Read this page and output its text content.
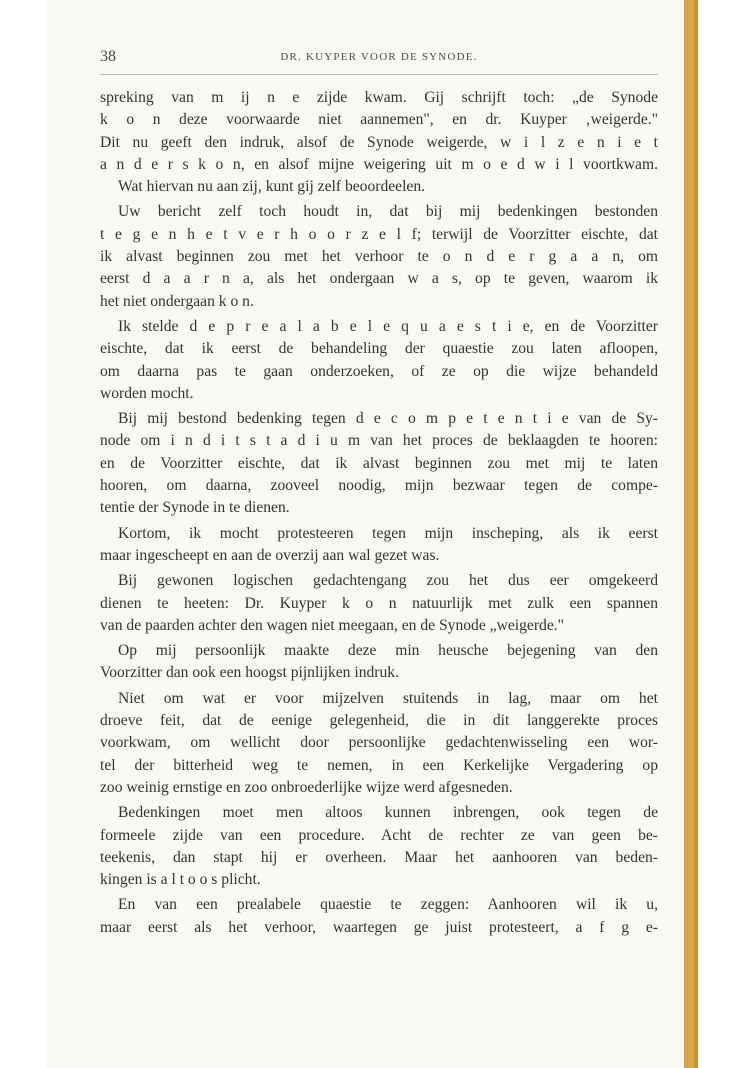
38	DR. KUYPER VOOR DE SYNODE.
spreking van m ij n e zijde kwam. Gij schrijft toch: „de Synode
k o n deze voorwaarde niet aannemen", en dr. Kuyper ‚weigerde."
Dit nu geeft den indruk, alsof de Synode weigerde, w i l z e n i e t
a n d e r s k o n, en alsof mijne weigering uit m o e d w i l voortkwam.
Wat hiervan nu aan zij, kunt gij zelf beoordeelen.
Uw bericht zelf toch houdt in, dat bij mij bedenkingen bestonden
t e g e n h e t v e r h o o r z e l f; terwijl de Voorzitter eischte, dat
ik alvast beginnen zou met het verhoor te o n d e r g a a n, om
eerst d a a r n a, als het ondergaan w a s, op te geven, waarom ik
het niet ondergaan k o n.
Ik stelde d e p r e a l a b e l e q u a e s t i e, en de Voorzitter
eischte, dat ik eerst de behandeling der quaestie zou laten afloopen,
om daarna pas te gaan onderzoeken, of ze op die wijze behandeld
worden mocht.
Bij mij bestond bedenking tegen d e c o m p e t e n t i e van de Sy-
node om i n d i t s t a d i u m van het proces de beklaagden te hooren:
en de Voorzitter eischte, dat ik alvast beginnen zou met mij te laten
hooren, om daarna, zooveel noodig, mijn bezwaar tegen de compe-
tentie der Synode in te dienen.
Kortom, ik mocht protesteeren tegen mijn inscheping, als ik eerst
maar ingescheept en aan de overzij aan wal gezet was.
Bij gewonen logischen gedachtengang zou het dus eer omgekeerd
dienen te heeten: Dr. Kuyper k o n natuurlijk met zulk een spannen
van de paarden achter den wagen niet meegaan, en de Synode „weigerde."
Op mij persoonlijk maakte deze min heusche bejegening van den
Voorzitter dan ook een hoogst pijnlijken indruk.
Niet om wat er voor mijzelven stuitends in lag, maar om het
droeve feit, dat de eenige gelegenheid, die in dit langgerekte proces
voorkwam, om wellicht door persoonlijke gedachtenwisseling een wor-
tel der bitterheid weg te nemen, in een Kerkelijke Vergadering op
zoo weinig ernstige en zoo onbroederlijke wijze werd afgesneden.
Bedenkingen moet men altoos kunnen inbrengen, ook tegen de
formeele zijde van een procedure. Acht de rechter ze van geen be-
teekenis, dan stapt hij er overheen. Maar het aanhooren van beden-
kingen is a l t o o s plicht.
En van een prealabele quaestie te zeggen: Aanhooren wil ik u,
maar eerst als het verhoor, waartegen ge juist protesteert, a f g e-
